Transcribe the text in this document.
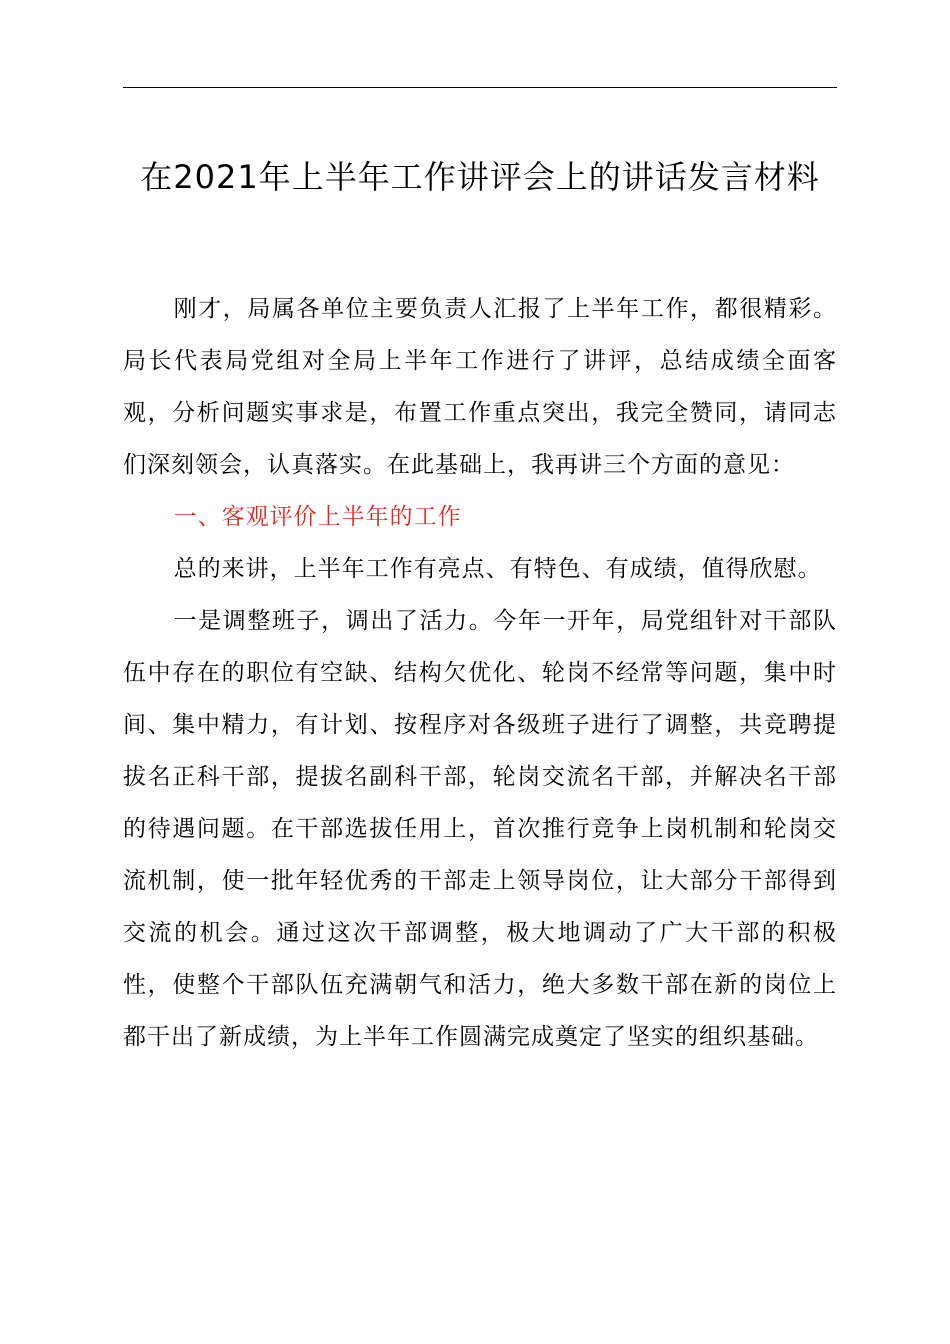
在2021年上半年工作讲评会上的讲话发言材料

刚才，局属各单位主要负责人汇报了上半年工作，都很精彩。局长代表局党组对全局上半年工作进行了讲评，总结成绩全面客观，分析问题实事求是，布置工作重点突出，我完全赞同，请同志们深刻领会，认真落实。在此基础上，我再讲三个方面的意见：

一、客观评价上半年的工作

总的来讲，上半年工作有亮点、有特色、有成绩，值得欣慰。

一是调整班子，调出了活力。今年一开年，局党组针对干部队伍中存在的职位有空缺、结构欠优化、轮岗不经常等问题，集中时间、集中精力，有计划、按程序对各级班子进行了调整，共竞聘提拔名正科干部，提拔名副科干部，轮岗交流名干部，并解决名干部的待遇问题。在干部选拔任用上，首次推行竞争上岗机制和轮岗交流机制，使一批年轻优秀的干部走上领导岗位，让大部分干部得到交流的机会。通过这次干部调整，极大地调动了广大干部的积极性，使整个干部队伍充满朝气和活力，绝大多数干部在新的岗位上都干出了新成绩，为上半年工作圆满完成奠定了坚实的组织基础。
